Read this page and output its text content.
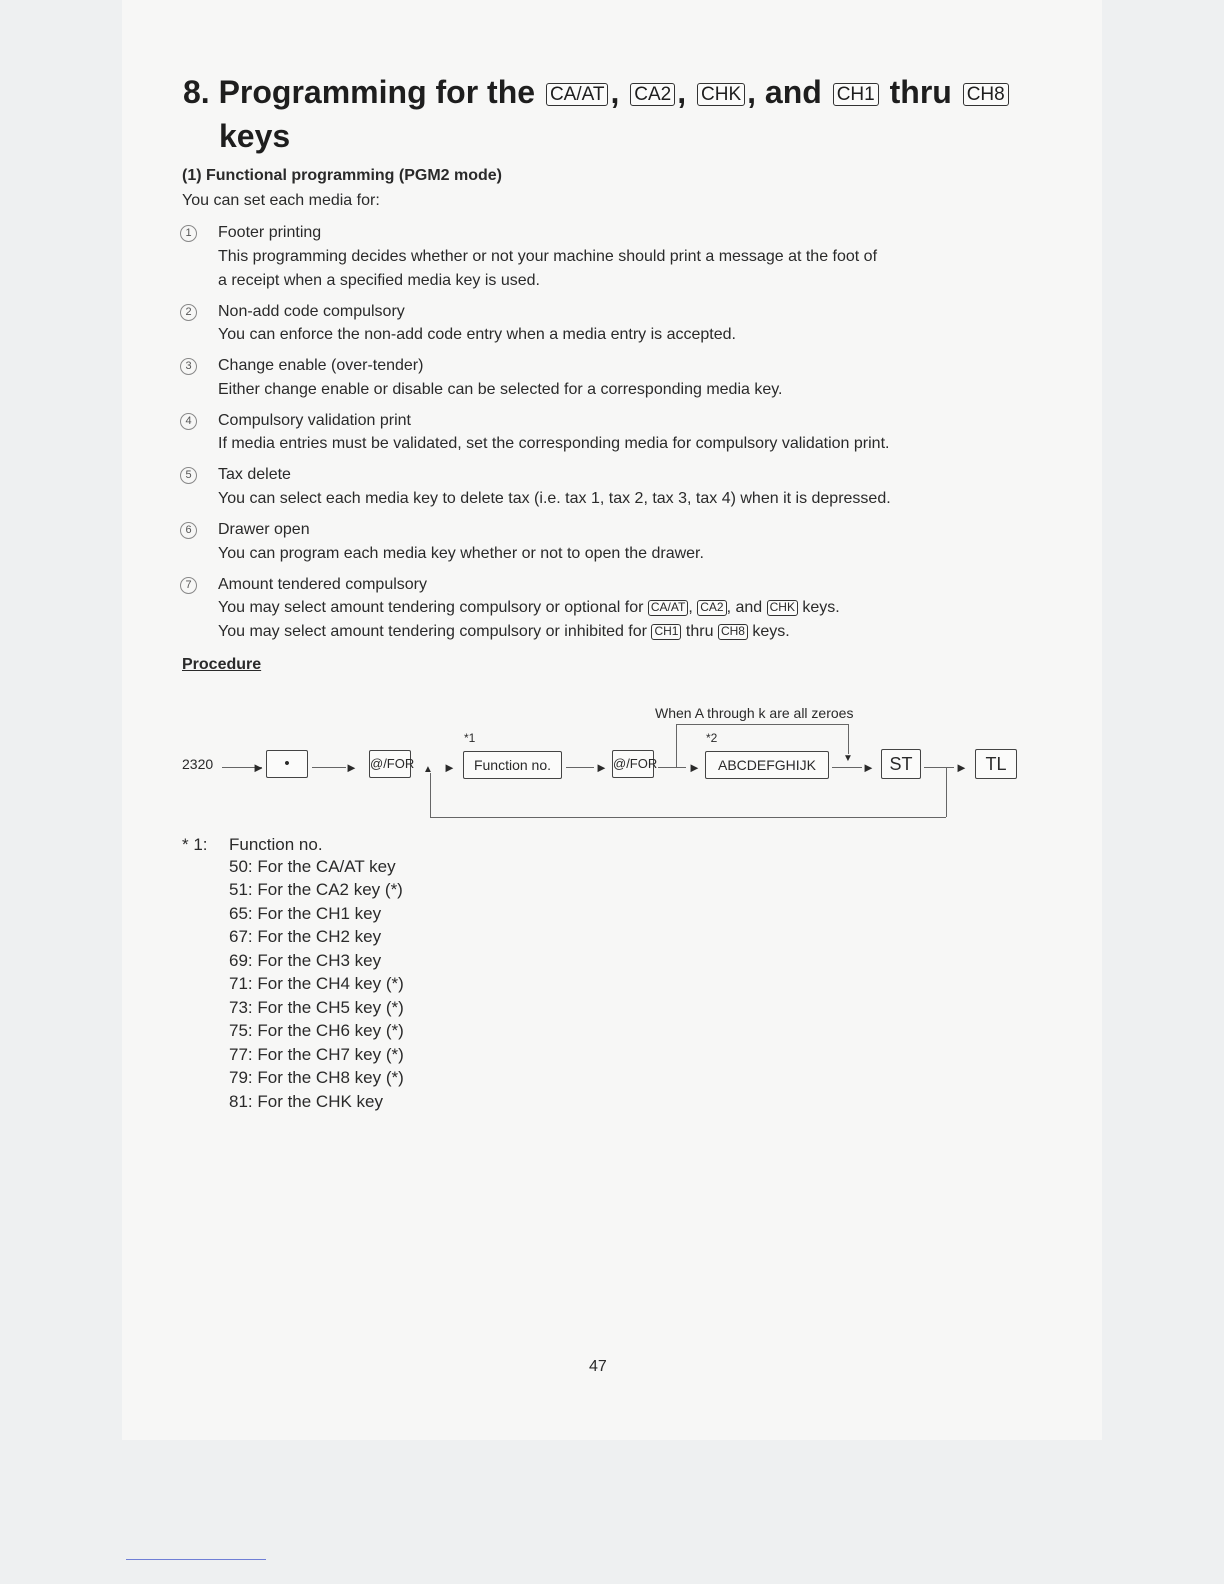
8. Programming for the CA/AT , CA2 , CHK , and CH1 thru CH8
keys
(1) Functional programming (PGM2 mode)
You can set each media for:
1	Footer printing
This programming decides whether or not your machine should print a message at the foot of
a receipt when a specified media key is used.
2	Non-add code compulsory
You can enforce the non-add code entry when a media entry is accepted.
3	Change enable (over-tender)
Either change enable or disable can be selected for a corresponding media key.
4	Compulsory validation print
If media entries must be validated, set the corresponding media for compulsory validation print.
5	Tax delete
You can select each media key to delete tax (i.e. tax 1, tax 2, tax 3, tax 4) when it is depressed.
6	Drawer open
You can program each media key whether or not to open the drawer.
7	Amount tendered compulsory
You may select amount tendering compulsory or optional for CA/AT , CA2 , and CHK keys.
You may select amount tendering compulsory or inhibited for CH1 thru CH8 keys.
Procedure
When A through k are all zeroes
*1	*2
2320	►	•	► @/FOR ▲ ►	Function no.	► @/FOR	▼
►	ABCDEFGHIJK	► ST	► TL
* 1: Function no.
50: For the CA/AT key
51: For the CA2 key (*)
65: For the CH1 key
67: For the CH2 key
69: For the CH3 key
71: For the CH4 key (*)
73: For the CH5 key (*)
75: For the CH6 key (*)
77: For the CH7 key (*)
79: For the CH8 key (*)
81: For the CHK key
47
